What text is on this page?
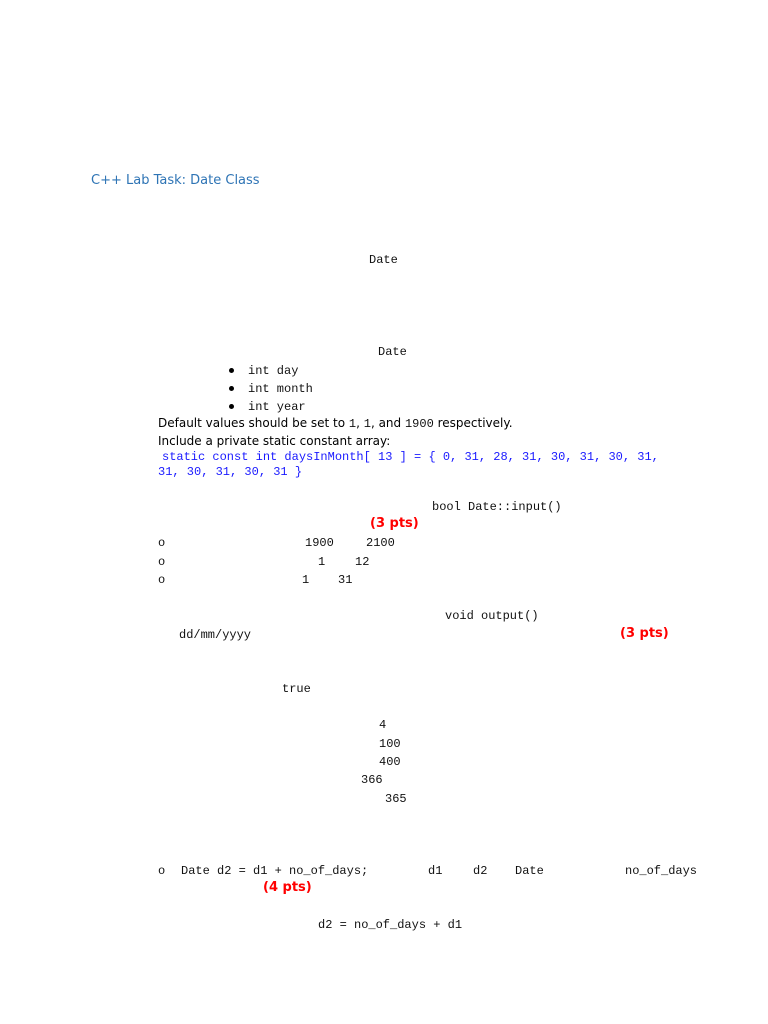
C++ Lab Task: Date Class
Date
Date
int day
int month
int year
Default values should be set to 1, 1, and 1900 respectively.
Include a private static constant array:
static const int daysInMonth[ 13 ] = { 0, 31, 28, 31, 30, 31, 30, 31,
31, 30, 31, 30, 31 }
bool Date::input()
(3 pts)
o	1900	2100
o	1 12
o	1 31
void output()
dd/mm/yyyy	(3 pts)
true
4
100
400
366
365
o Date d2 = d1 + no_of_days;	d1	d2 Date	no_of_days
(4 pts)
d2 = no_of_days + d1
